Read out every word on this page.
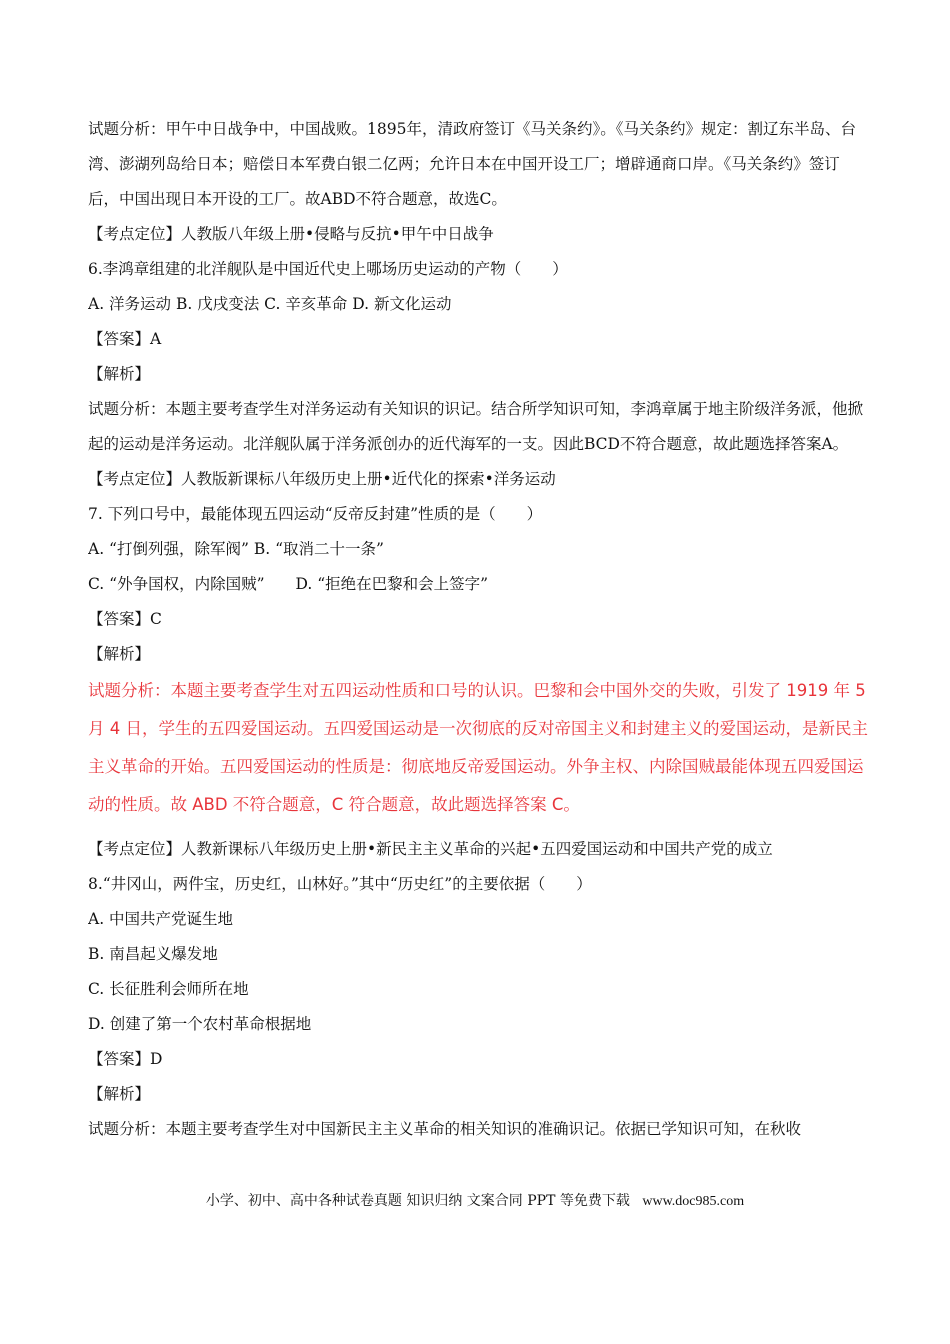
试题分析：甲午中日战争中，中国战败。1895年，清政府签订《马关条约》。《马关条约》规定：割辽东半岛、台湾、澎湖列岛给日本；赔偿日本军费白银二亿两；允许日本在中国开设工厂；增辟通商口岸。《马关条约》签订后，中国出现日本开设的工厂。故ABD不符合题意，故选C。

【考点定位】人教版八年级上册•侵略与反抗•甲午中日战争
6.李鸿章组建的北洋舰队是中国近代史上哪场历史运动的产物（　　）
A. 洋务运动 B. 戊戌变法 C. 辛亥革命 D. 新文化运动
【答案】A
【解析】

试题分析：本题主要考查学生对洋务运动有关知识的识记。结合所学知识可知，李鸿章属于地主阶级洋务派，他掀起的运动是洋务运动。北洋舰队属于洋务派创办的近代海军的一支。因此BCD不符合题意，故此题选择答案A。

【考点定位】人教版新课标八年级历史上册•近代化的探索•洋务运动
7. 下列口号中，最能体现五四运动“反帝反封建”性质的是（　　）
A. “打倒列强，除军阀” B. “取消二十一条”
C. “外争国权，内除国贼”　　D. “拒绝在巴黎和会上签字”
【答案】C
【解析】

试题分析：本题主要考查学生对五四运动性质和口号的认识。巴黎和会中国外交的失败，引发了 1919 年 5 月 4 日，学生的五四爱国运动。五四爱国运动是一次彻底的反对帝国主义和封建主义的爱国运动，是新民主主义革命的开始。五四爱国运动的性质是：彻底地反帝爱国运动。外争主权、内除国贼最能体现五四爱国运动的性质。故 ABD 不符合题意，C 符合题意，故此题选择答案 C。

【考点定位】人教新课标八年级历史上册•新民主主义革命的兴起•五四爱国运动和中国共产党的成立
8.“井冈山，两件宝，历史红，山林好。”其中“历史红”的主要依据（　　）
A. 中国共产党诞生地
B. 南昌起义爆发地
C. 长征胜利会师所在地
D. 创建了第一个农村革命根据地
【答案】D
【解析】
试题分析：本题主要考查学生对中国新民主主义革命的相关知识的准确识记。依据已学知识可知，在秋收
小学、初中、高中各种试卷真题 知识归纳 文案合同 PPT 等免费下载 www.doc985.com
